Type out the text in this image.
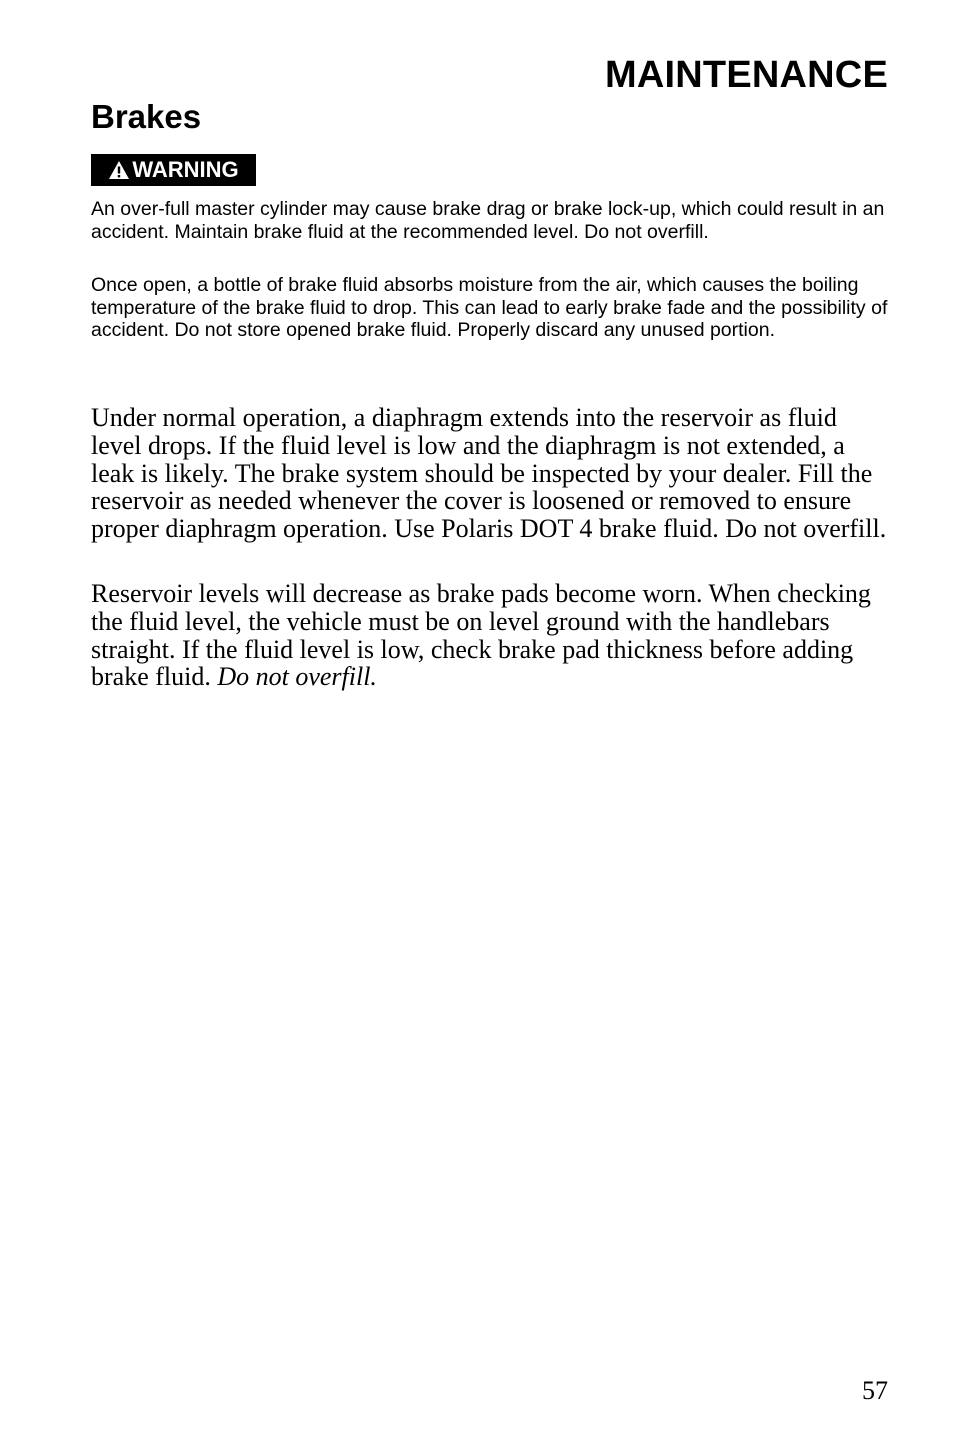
MAINTENANCE
Brakes
WARNING

An over-full master cylinder may cause brake drag or brake lock-up, which could result in an accident. Maintain brake fluid at the recommended level. Do not overfill.

Once open, a bottle of brake fluid absorbs moisture from the air, which causes the boiling temperature of the brake fluid to drop. This can lead to early brake fade and the possibility of accident. Do not store opened brake fluid. Properly discard any unused portion.

Under normal operation, a diaphragm extends into the reservoir as fluid level drops. If the fluid level is low and the diaphragm is not extended, a leak is likely. The brake system should be inspected by your dealer. Fill the reservoir as needed whenever the cover is loosened or removed to ensure proper diaphragm operation. Use Polaris DOT 4 brake fluid. Do not overfill.

Reservoir levels will decrease as brake pads become worn. When checking the fluid level, the vehicle must be on level ground with the handlebars straight. If the fluid level is low, check brake pad thickness before adding brake fluid. Do not overfill.

57
